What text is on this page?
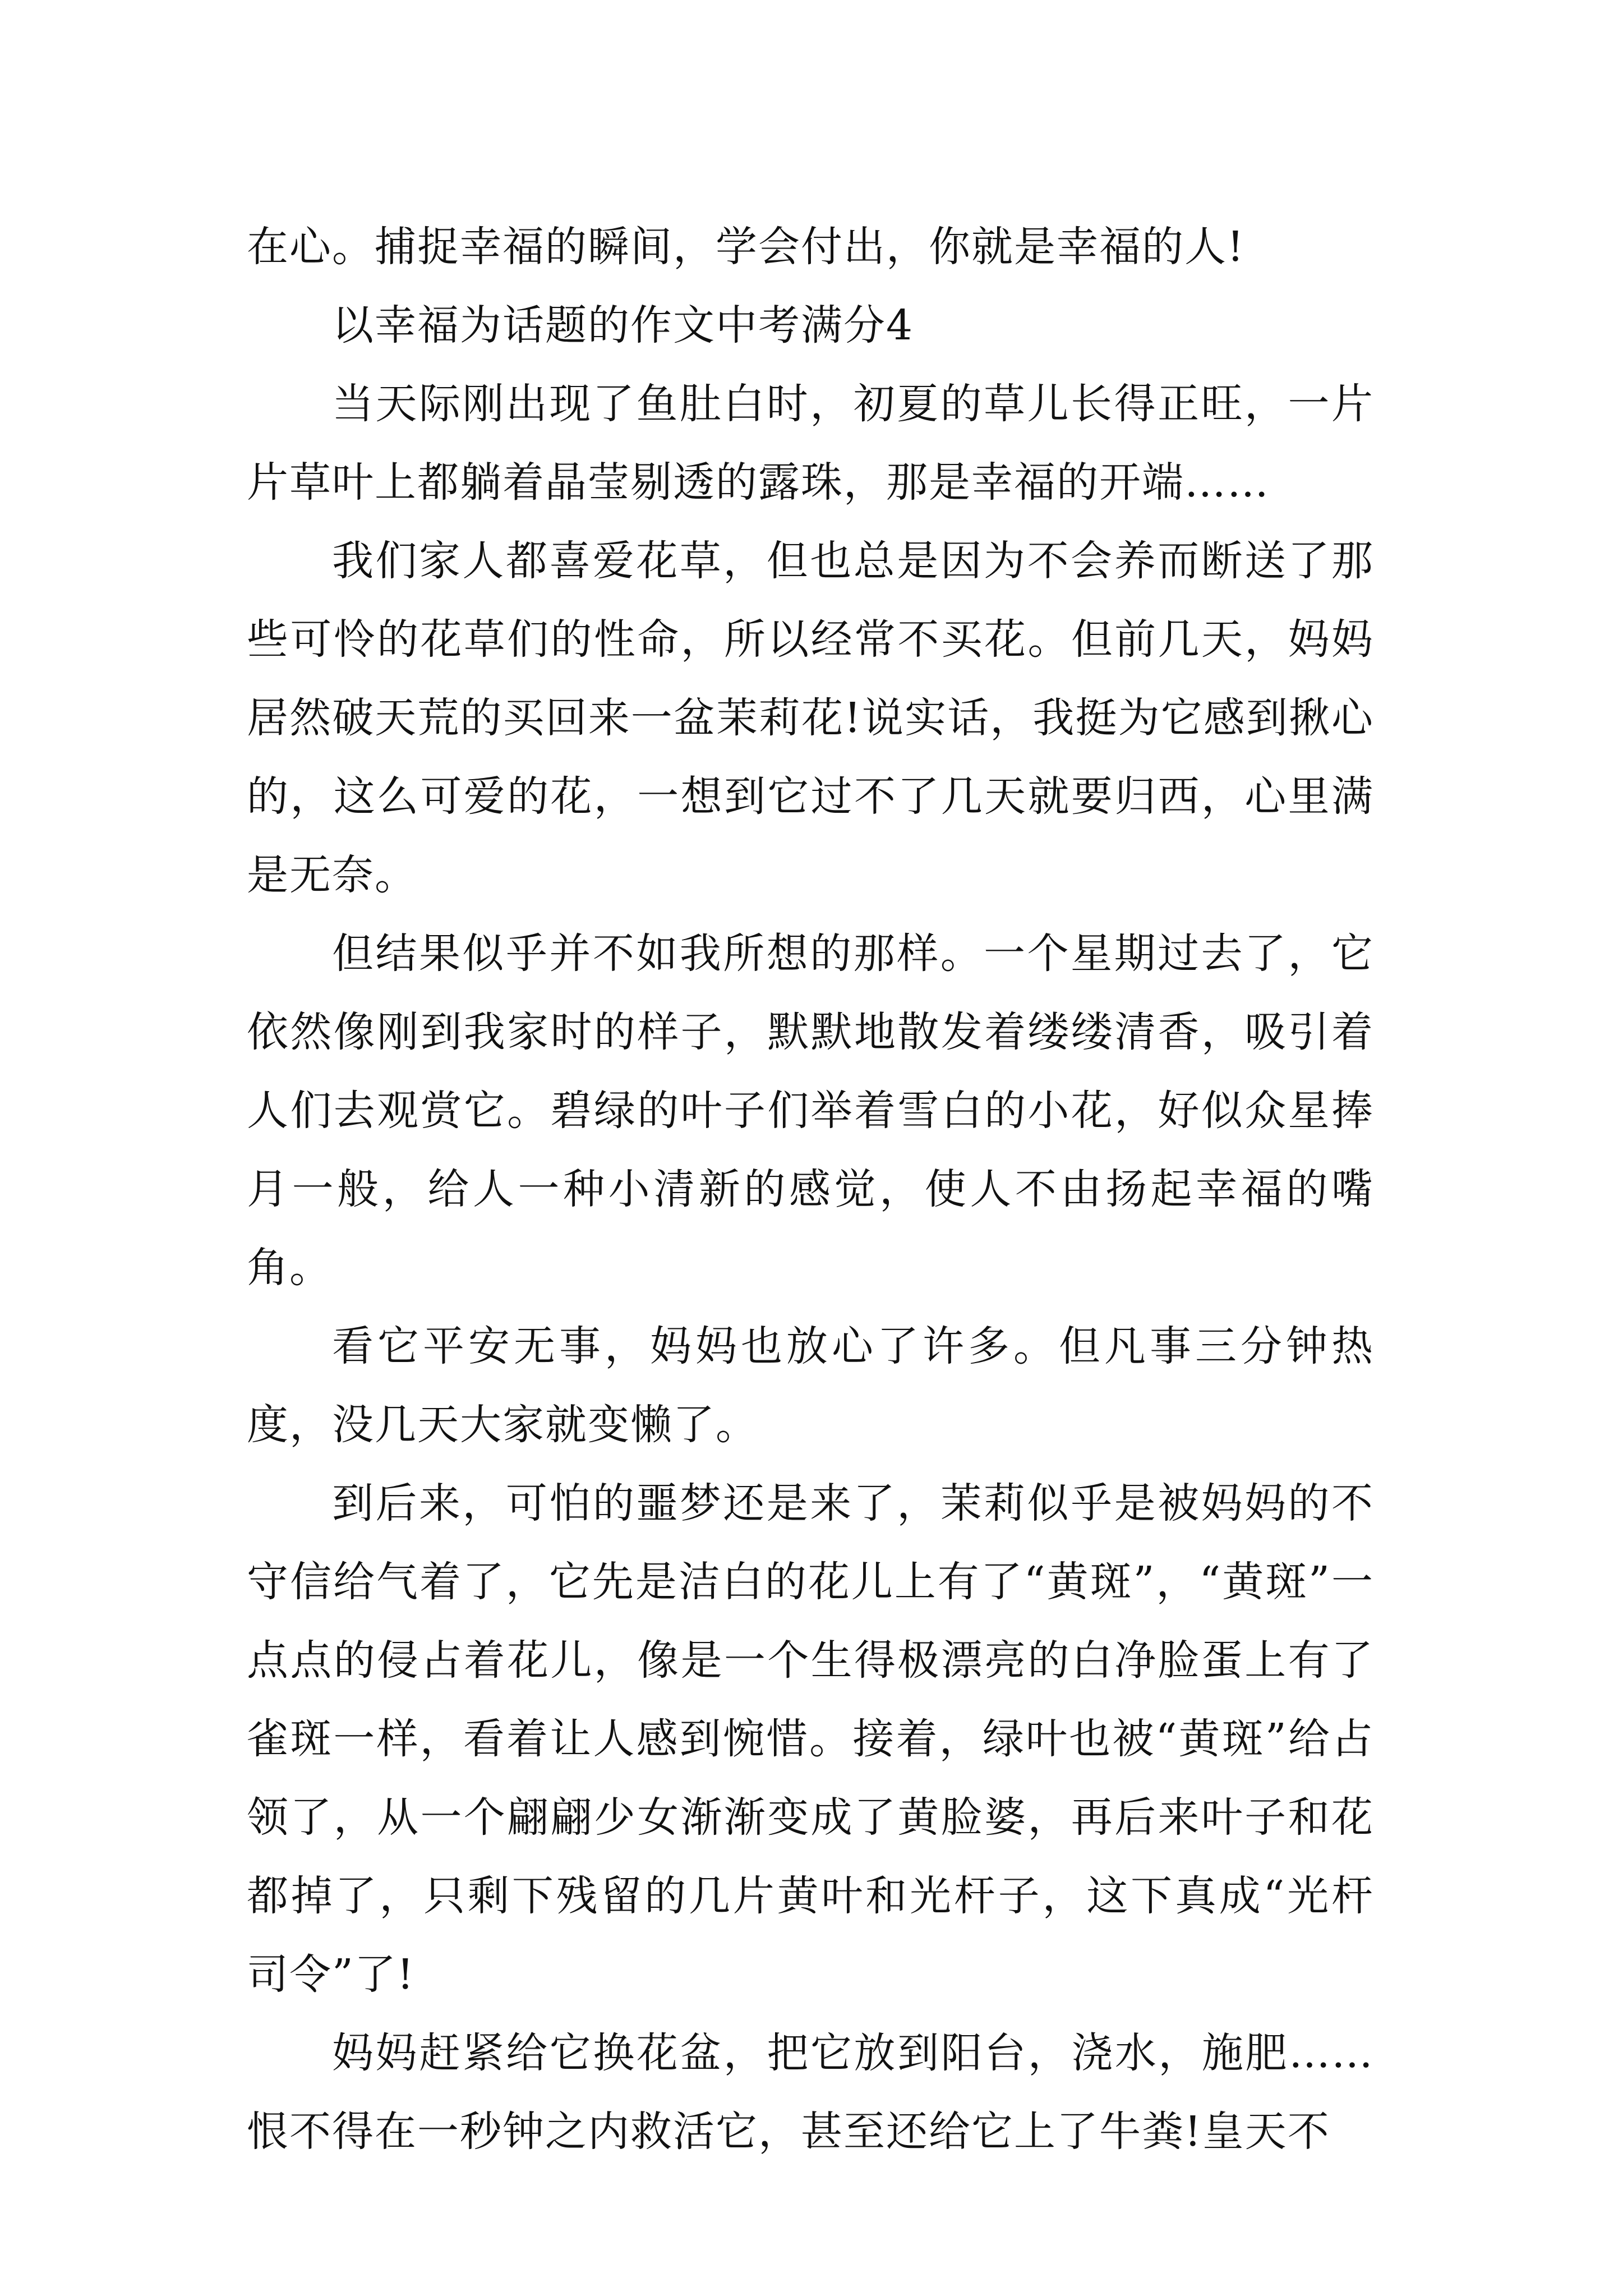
在心。捕捉幸福的瞬间，学会付出，你就是幸福的人!

以幸福为话题的作文中考满分4

当天际刚出现了鱼肚白时，初夏的草儿长得正旺，一片片草叶上都躺着晶莹剔透的露珠，那是幸福的开端……

我们家人都喜爱花草，但也总是因为不会养而断送了那些可怜的花草们的性命，所以经常不买花。但前几天，妈妈居然破天荒的买回来一盆茉莉花!说实话，我挺为它感到揪心的，这么可爱的花，一想到它过不了几天就要归西，心里满是无奈。

但结果似乎并不如我所想的那样。一个星期过去了，它依然像刚到我家时的样子，默默地散发着缕缕清香，吸引着人们去观赏它。碧绿的叶子们举着雪白的小花，好似众星捧月一般，给人一种小清新的感觉，使人不由扬起幸福的嘴角。

看它平安无事，妈妈也放心了许多。但凡事三分钟热度，没几天大家就变懒了。

到后来，可怕的噩梦还是来了，茉莉似乎是被妈妈的不守信给气着了，它先是洁白的花儿上有了“黄斑”，“黄斑”一点点的侵占着花儿，像是一个生得极漂亮的白净脸蛋上有了雀斑一样，看着让人感到惋惜。接着，绿叶也被“黄斑”给占领了，从一个翩翩少女渐渐变成了黄脸婆，再后来叶子和花都掉了，只剩下残留的几片黄叶和光杆子，这下真成“光杆司令”了!

妈妈赶紧给它换花盆，把它放到阳台，浇水，施肥……恨不得在一秒钟之内救活它，甚至还给它上了牛粪!皇天不
